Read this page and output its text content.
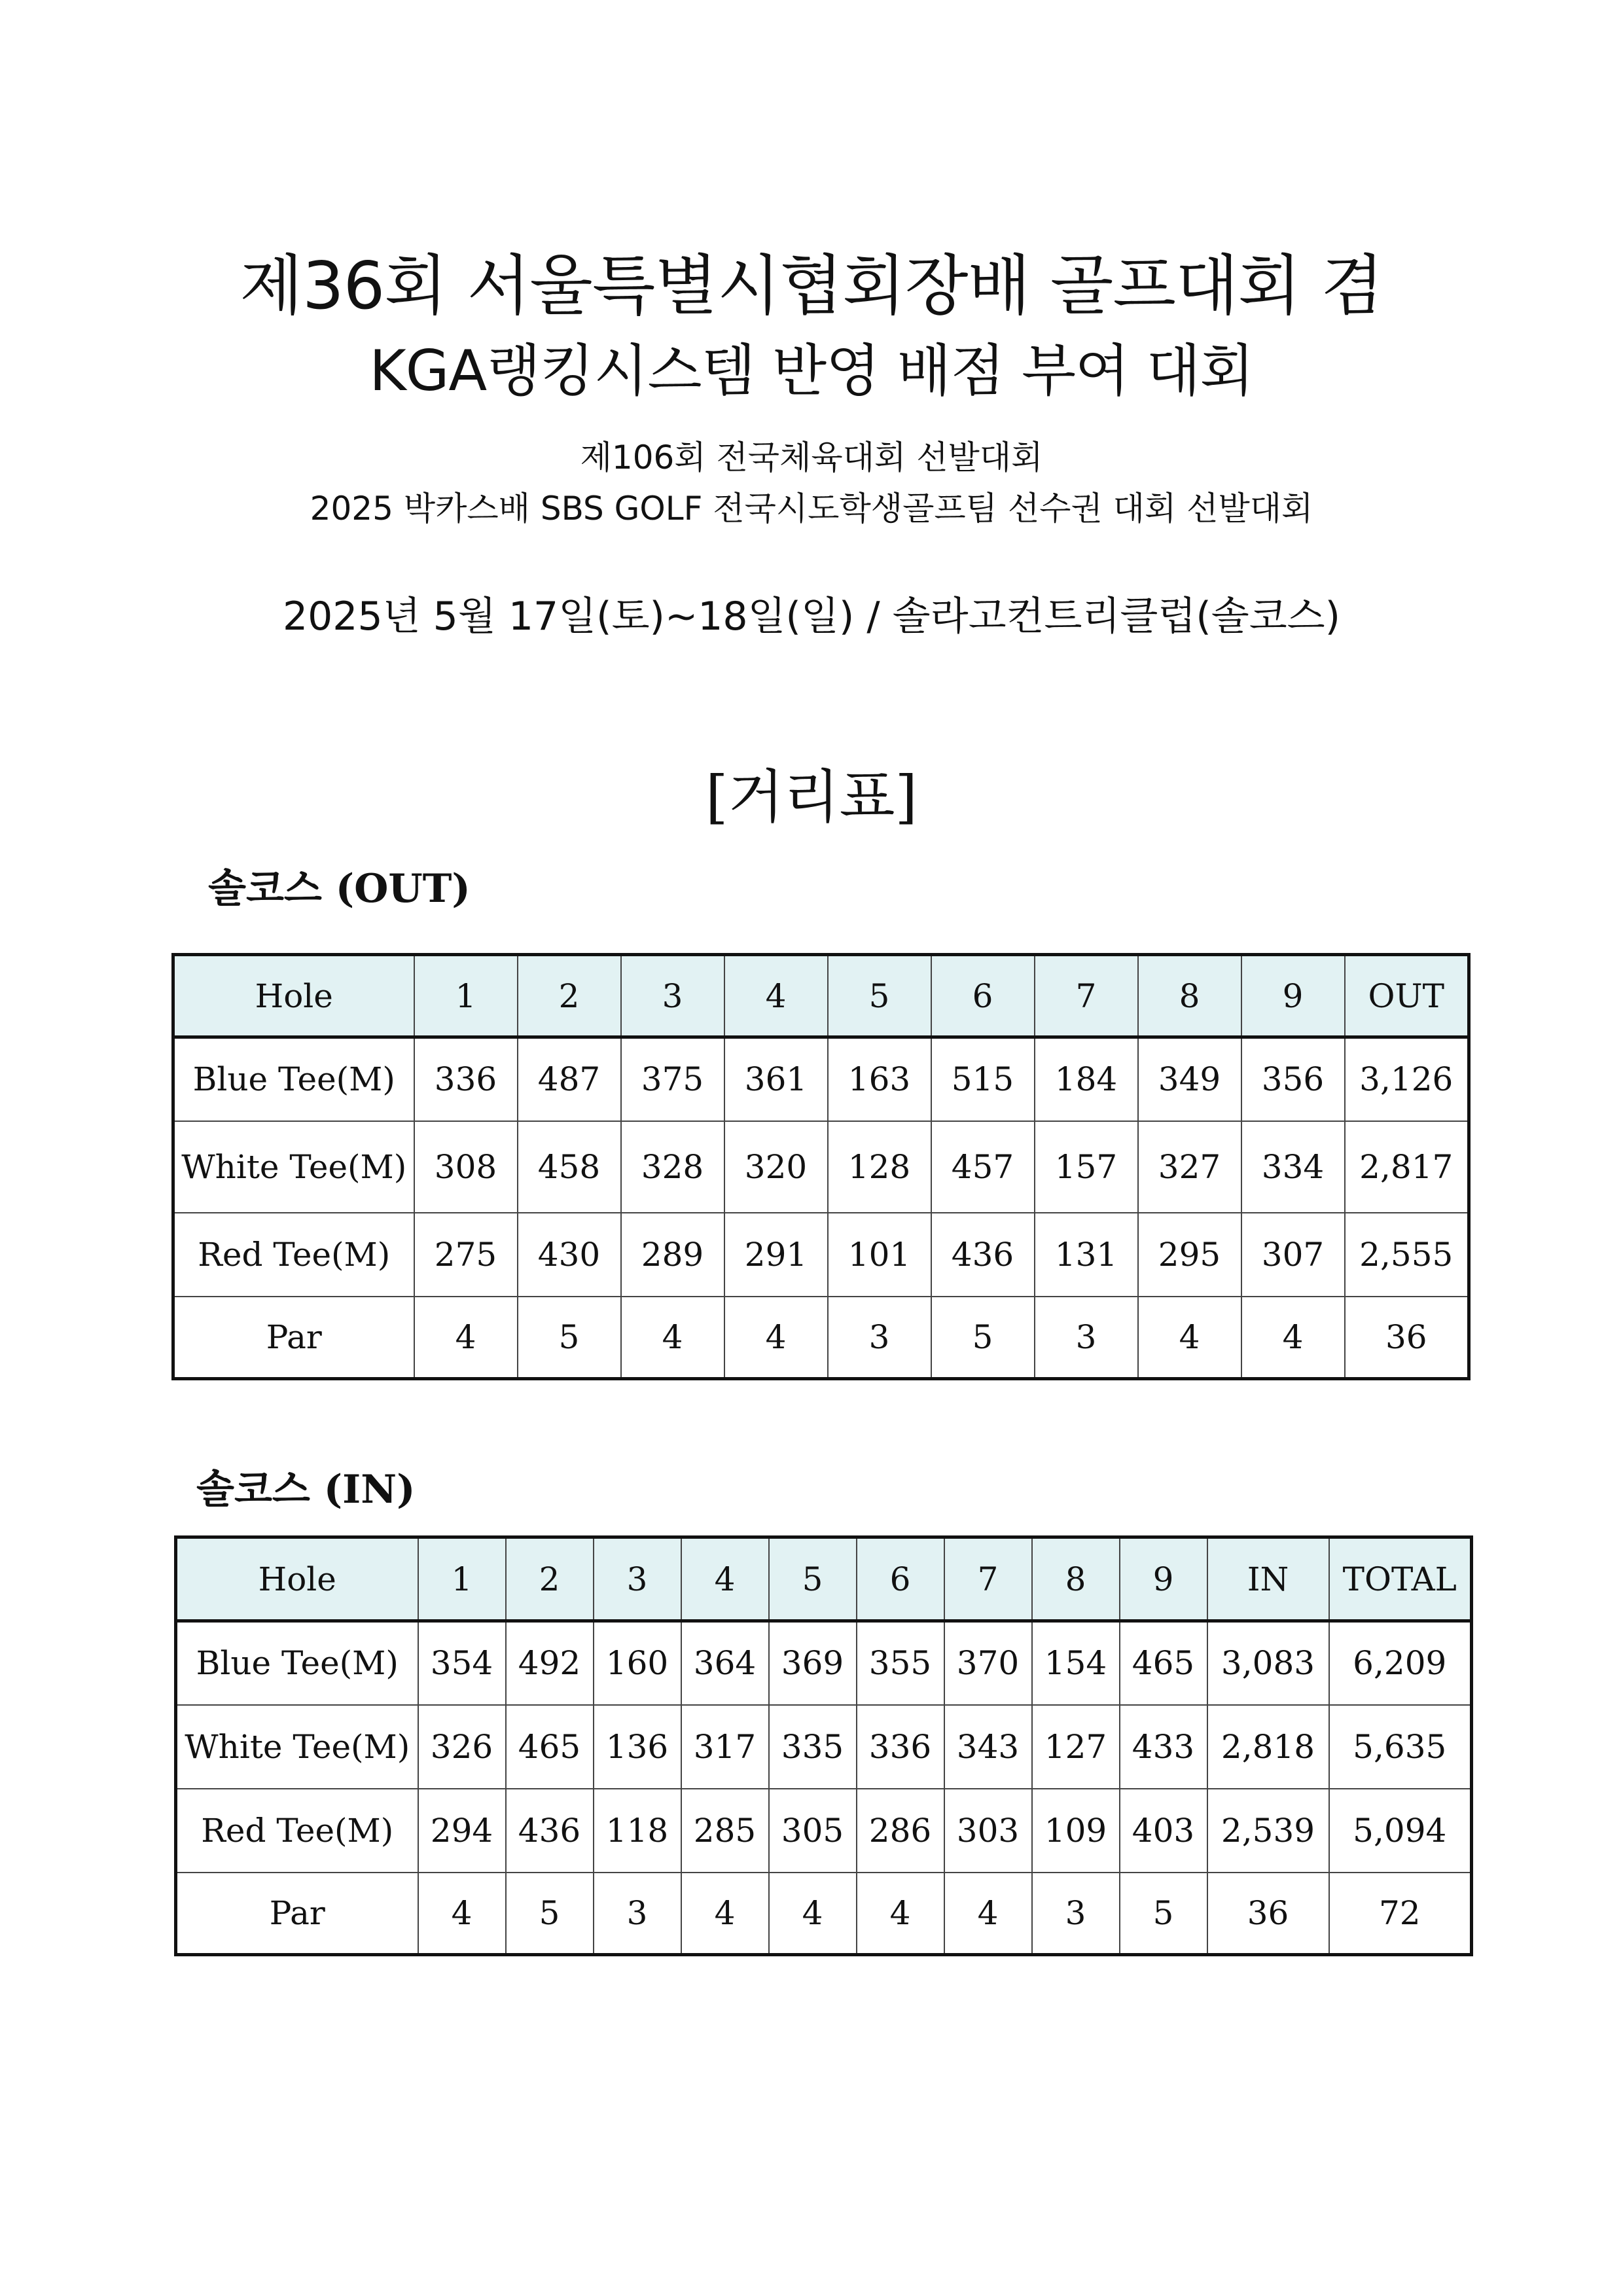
제36회 서울특별시협회장배 골프대회 겸
KGA랭킹시스템 반영 배점 부여 대회
제106회 전국체육대회 선발대회
2025 박카스배 SBS GOLF 전국시도학생골프팀 선수권 대회 선발대회
2025년 5월 17일(토)~18일(일) / 솔라고컨트리클럽(솔코스)
[거리표]
솔코스 (OUT)
Hole	1	2	3	4	5	6	7	8	9	OUT
Blue Tee(M)	336	487	375	361	163	515	184	349	356	3,126
White Tee(M)	308	458	328	320	128	457	157	327	334	2,817
Red Tee(M)	275	430	289	291	101	436	131	295	307	2,555
Par	4	5	4	4	3	5	3	4	4	36
솔코스 (IN)
Hole	1	2	3	4	5	6	7	8	9	IN	TOTAL
Blue Tee(M)	354	492	160	364	369	355	370	154	465	3,083	6,209
White Tee(M)	326	465	136	317	335	336	343	127	433	2,818	5,635
Red Tee(M)	294	436	118	285	305	286	303	109	403	2,539	5,094
Par	4	5	3	4	4	4	4	3	5	36	72
